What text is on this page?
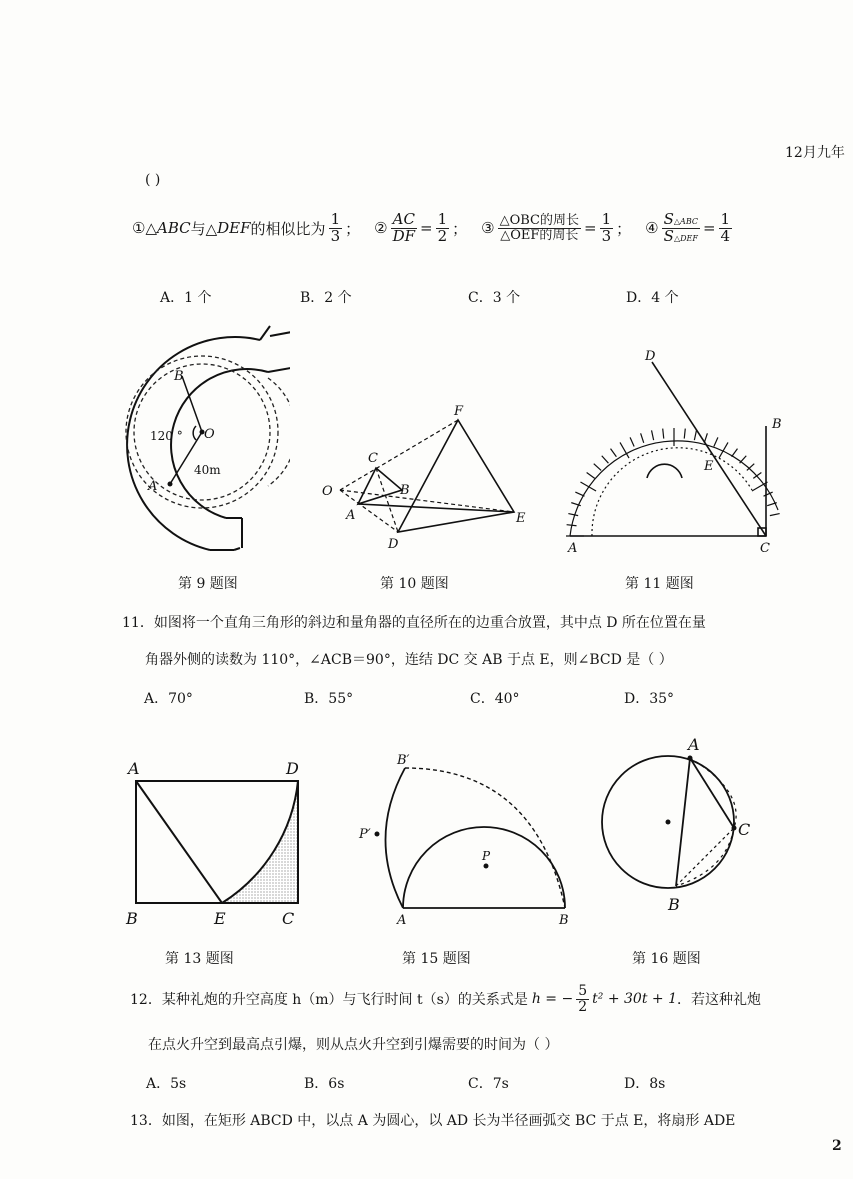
12月九年
( )
①△ ABC 与△ DEF 的相似比为 $\frac{1}{3}$ ； ② $\frac{AC}{DF} = \frac{1}{2}$ ； ③ $\frac{\text{△OBC的周长}}{\text{△OEF的周长}} = \frac{1}{3}$ ； ④ $\frac{\text{S△ABC}}{\text{S△DEF}} = \frac{1}{4}$
A．1 个	B．2 个	C．3 个	D．4 个
B
O
A
120 °
40m
F
C
O	B
A	E
D
D
B
E
A	C
第 9 题图	第 10 题图	第 11 题图
11．如图将一个直角三角形的斜边和量角器的直径所在的边重合放置，其中点 D 所在位置在量
角器外侧的读数为 110°，∠ACB＝90°，连结 DC 交 AB 于点 E，则∠BCD 是（ ）
A．70°	B．55°	C．40°	D．35°
A	D
B	E	C
B′
P′
P
A	B
A
C
B
第 13 题图	第 15 题图	第 16 题图
12．某种礼炮的升空高度 h（m）与飞行时间 t（s）的关系式是 h = − $\frac{5}{2} t^2 + 30t + 1$ ．若这种礼炮
在点火升空到最高点引爆，则从点火升空到引爆需要的时间为（ ）
A．5s	B．6s	C．7s	D．8s
13．如图，在矩形 ABCD 中，以点 A 为圆心，以 AD 长为半径画弧交 BC 于点 E，将扇形 ADE
2
